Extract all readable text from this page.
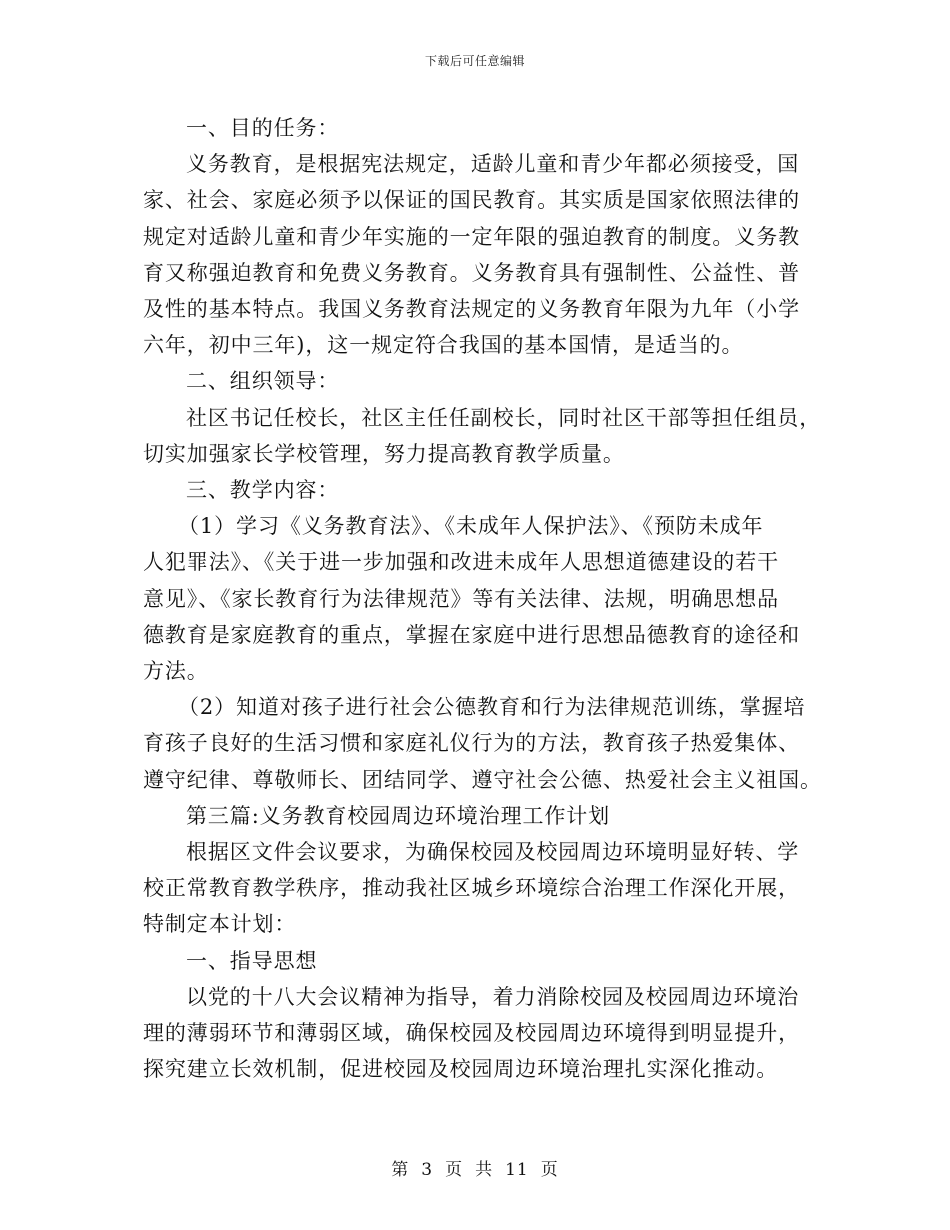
下载后可任意编辑

一、目的任务：

义务教育，是根据宪法规定，适龄儿童和青少年都必须接受，国
家、社会、家庭必须予以保证的国民教育。其实质是国家依照法律的
规定对适龄儿童和青少年实施的一定年限的强迫教育的制度。义务教
育又称强迫教育和免费义务教育。义务教育具有强制性、公益性、普
及性的基本特点。我国义务教育法规定的义务教育年限为九年（小学
六年，初中三年)，这一规定符合我国的基本国情，是适当的。

二、组织领导：

社区书记任校长，社区主任任副校长，同时社区干部等担任组员，
切实加强家长学校管理，努力提高教育教学质量。

三、教学内容：

（1）学习《义务教育法》、《未成年人保护法》、《预防未成年
人犯罪法》、《关于进一步加强和改进未成年人思想道德建设的若干
意见》、《家长教育行为法律规范》等有关法律、法规，明确思想品
德教育是家庭教育的重点，掌握在家庭中进行思想品德教育的途径和
方法。

（2）知道对孩子进行社会公德教育和行为法律规范训练，掌握培
育孩子良好的生活习惯和家庭礼仪行为的方法，教育孩子热爱集体、
遵守纪律、尊敬师长、团结同学、遵守社会公德、热爱社会主义祖国。

第三篇:义务教育校园周边环境治理工作计划

根据区文件会议要求，为确保校园及校园周边环境明显好转、学
校正常教育教学秩序，推动我社区城乡环境综合治理工作深化开展，
特制定本计划：

一、指导思想

以党的十八大会议精神为指导，着力消除校园及校园周边环境治
理的薄弱环节和薄弱区域，确保校园及校园周边环境得到明显提升，
探究建立长效机制，促进校园及校园周边环境治理扎实深化推动。

第 3 页 共 11 页
